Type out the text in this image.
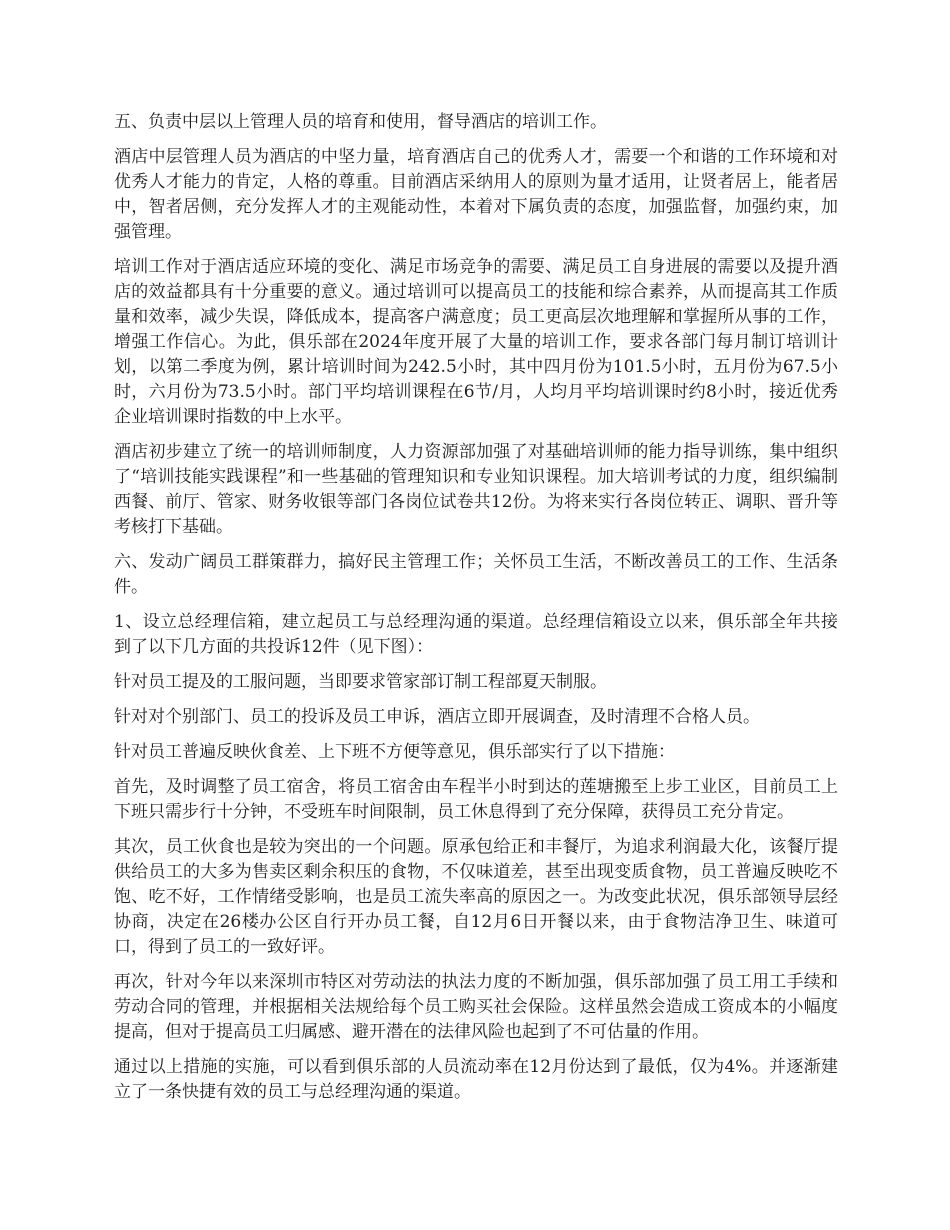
五、负责中层以上管理人员的培育和使用，督导酒店的培训工作。

酒店中层管理人员为酒店的中坚力量，培育酒店自己的优秀人才，需要一个和谐的工作环境和对优秀人才能力的肯定，人格的尊重。目前酒店采纳用人的原则为量才适用，让贤者居上，能者居中，智者居侧，充分发挥人才的主观能动性，本着对下属负责的态度，加强监督，加强约束，加强管理。

培训工作对于酒店适应环境的变化、满足市场竞争的需要、满足员工自身进展的需要以及提升酒店的效益都具有十分重要的意义。通过培训可以提高员工的技能和综合素养，从而提高其工作质量和效率，减少失误，降低成本，提高客户满意度；员工更高层次地理解和掌握所从事的工作，增强工作信心。为此，俱乐部在2024年度开展了大量的培训工作，要求各部门每月制订培训计划，以第二季度为例，累计培训时间为242.5小时，其中四月份为101.5小时，五月份为67.5小时，六月份为73.5小时。部门平均培训课程在6节/月，人均月平均培训课时约8小时，接近优秀企业培训课时指数的中上水平。

酒店初步建立了统一的培训师制度，人力资源部加强了对基础培训师的能力指导训练，集中组织了“培训技能实践课程”和一些基础的管理知识和专业知识课程。加大培训考试的力度，组织编制西餐、前厅、管家、财务收银等部门各岗位试卷共12份。为将来实行各岗位转正、调职、晋升等考核打下基础。

六、发动广阔员工群策群力，搞好民主管理工作；关怀员工生活，不断改善员工的工作、生活条件。

1、设立总经理信箱，建立起员工与总经理沟通的渠道。总经理信箱设立以来，俱乐部全年共接到了以下几方面的共投诉12件（见下图）：

针对员工提及的工服问题，当即要求管家部订制工程部夏天制服。

针对对个别部门、员工的投诉及员工申诉，酒店立即开展调查，及时清理不合格人员。

针对员工普遍反映伙食差、上下班不方便等意见，俱乐部实行了以下措施：

首先，及时调整了员工宿舍，将员工宿舍由车程半小时到达的莲塘搬至上步工业区，目前员工上下班只需步行十分钟，不受班车时间限制，员工休息得到了充分保障，获得员工充分肯定。

其次，员工伙食也是较为突出的一个问题。原承包给正和丰餐厅，为追求利润最大化，该餐厅提供给员工的大多为售卖区剩余积压的食物，不仅味道差，甚至出现变质食物，员工普遍反映吃不饱、吃不好，工作情绪受影响，也是员工流失率高的原因之一。为改变此状况，俱乐部领导层经协商，决定在26楼办公区自行开办员工餐，自12月6日开餐以来，由于食物洁净卫生、味道可口，得到了员工的一致好评。

再次，针对今年以来深圳市特区对劳动法的执法力度的不断加强，俱乐部加强了员工用工手续和劳动合同的管理，并根据相关法规给每个员工购买社会保险。这样虽然会造成工资成本的小幅度提高，但对于提高员工归属感、避开潜在的法律风险也起到了不可估量的作用。

通过以上措施的实施，可以看到俱乐部的人员流动率在12月份达到了最低，仅为4%。并逐渐建立了一条快捷有效的员工与总经理沟通的渠道。
